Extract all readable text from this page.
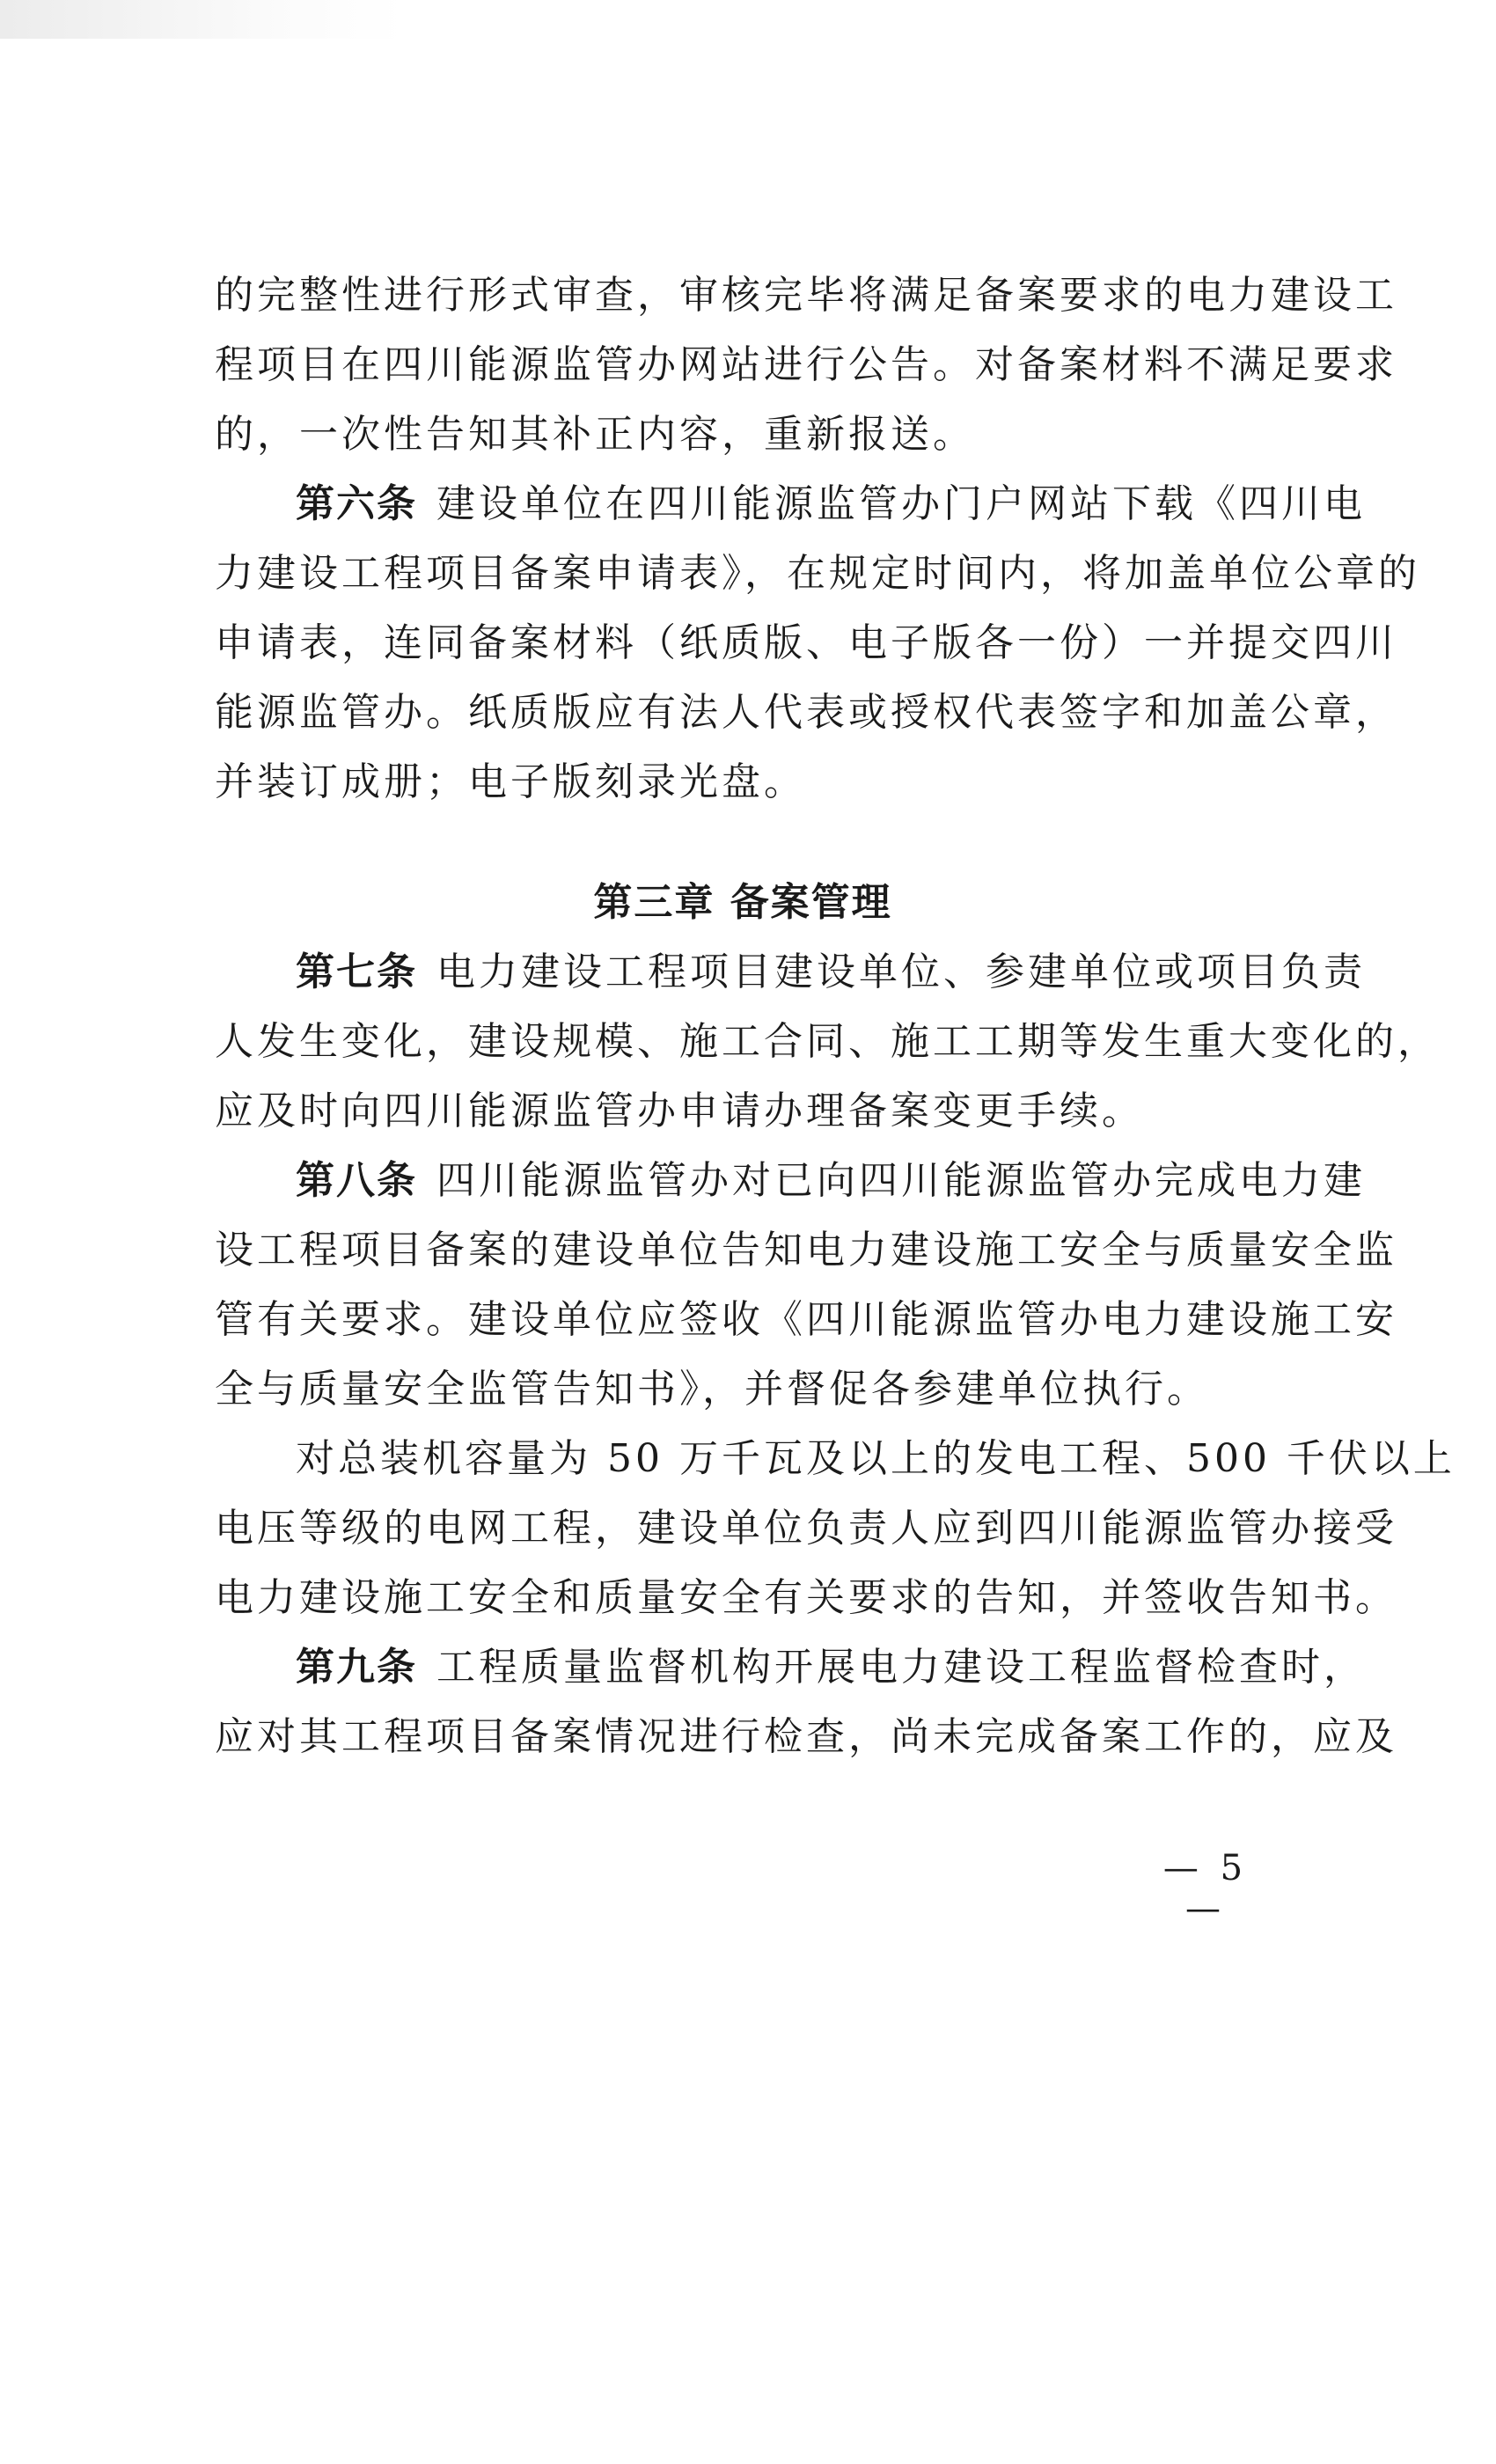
的完整性进行形式审查，审核完毕将满足备案要求的电力建设工
程项目在四川能源监管办网站进行公告。对备案材料不满足要求
的，一次性告知其补正内容，重新报送。
第六条 建设单位在四川能源监管办门户网站下载《四川电
力建设工程项目备案申请表》，在规定时间内，将加盖单位公章的
申请表，连同备案材料（纸质版、电子版各一份）一并提交四川
能源监管办。纸质版应有法人代表或授权代表签字和加盖公章，
并装订成册；电子版刻录光盘。
第三章 备案管理
第七条 电力建设工程项目建设单位、参建单位或项目负责
人发生变化，建设规模、施工合同、施工工期等发生重大变化的，
应及时向四川能源监管办申请办理备案变更手续。
第八条 四川能源监管办对已向四川能源监管办完成电力建
设工程项目备案的建设单位告知电力建设施工安全与质量安全监
管有关要求。建设单位应签收《四川能源监管办电力建设施工安
全与质量安全监管告知书》，并督促各参建单位执行。
对总装机容量为 50 万千瓦及以上的发电工程、500 千伏以上
电压等级的电网工程，建设单位负责人应到四川能源监管办接受
电力建设施工安全和质量安全有关要求的告知，并签收告知书。
第九条 工程质量监督机构开展电力建设工程监督检查时，
应对其工程项目备案情况进行检查，尚未完成备案工作的，应及
— 5 —
